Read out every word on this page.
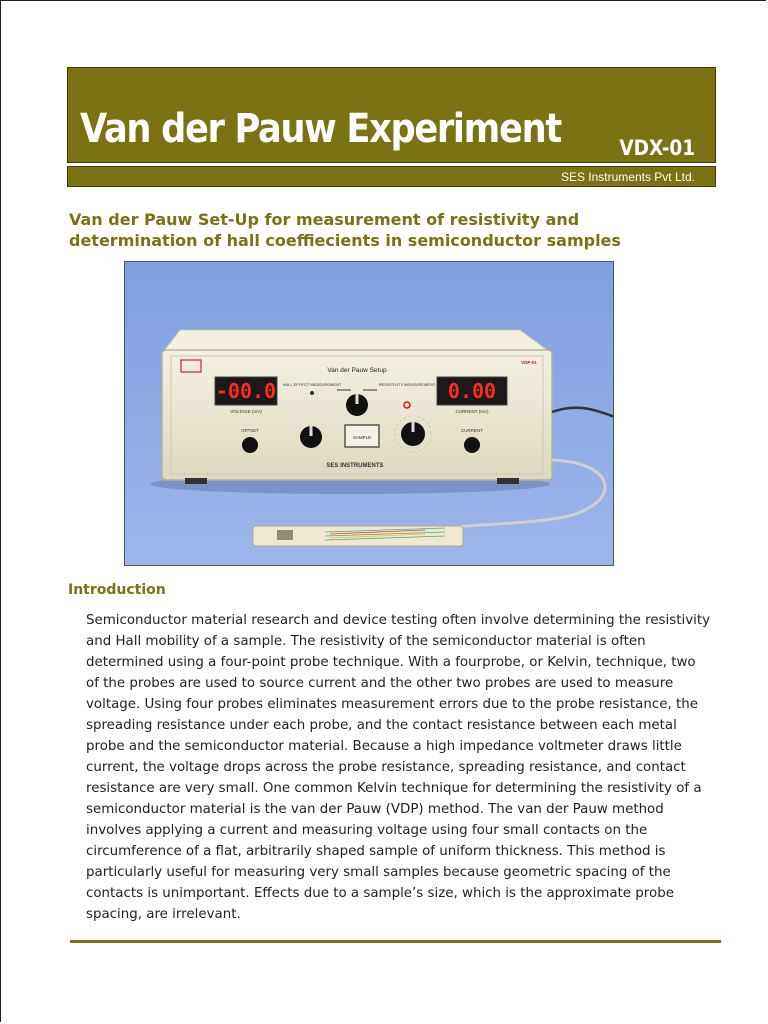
Van der Pauw Experiment	VDX-01
SES Instruments Pvt Ltd.
Van der Pauw Set-Up for measurement of resistivity and determination of hall coeffiecients in semiconductor samples
-00.0
VOLTAGE (mV)
0.00
CURRENT (mA)
Van der Pauw Setup
VDP-01
HALL EFFECT MEASUREMENT	RESISTIVITY MEASUREMENT
SAMPLE
OFFSET	CURRENT
SES INSTRUMENTS
Introduction
Semiconductor material research and device testing often involve determining the resistivity and Hall mobility of a sample. The resistivity of the semiconductor material is often determined using a four-point probe technique. With a fourprobe, or Kelvin, technique, two of the probes are used to source current and the other two probes are used to measure voltage. Using four probes eliminates measurement errors due to the probe resistance, the spreading resistance under each probe, and the contact resistance between each metal probe and the semiconductor material. Because a high impedance voltmeter draws little current, the voltage drops across the probe resistance, spreading resistance, and contact resistance are very small. One common Kelvin technique for determining the resistivity of a semiconductor material is the van der Pauw (VDP) method. The van der Pauw method involves applying a current and measuring voltage using four small contacts on the circumference of a flat, arbitrarily shaped sample of uniform thickness. This method is particularly useful for measuring very small samples because geometric spacing of the contacts is unimportant. Effects due to a sample’s size, which is the approximate probe spacing, are irrelevant.
